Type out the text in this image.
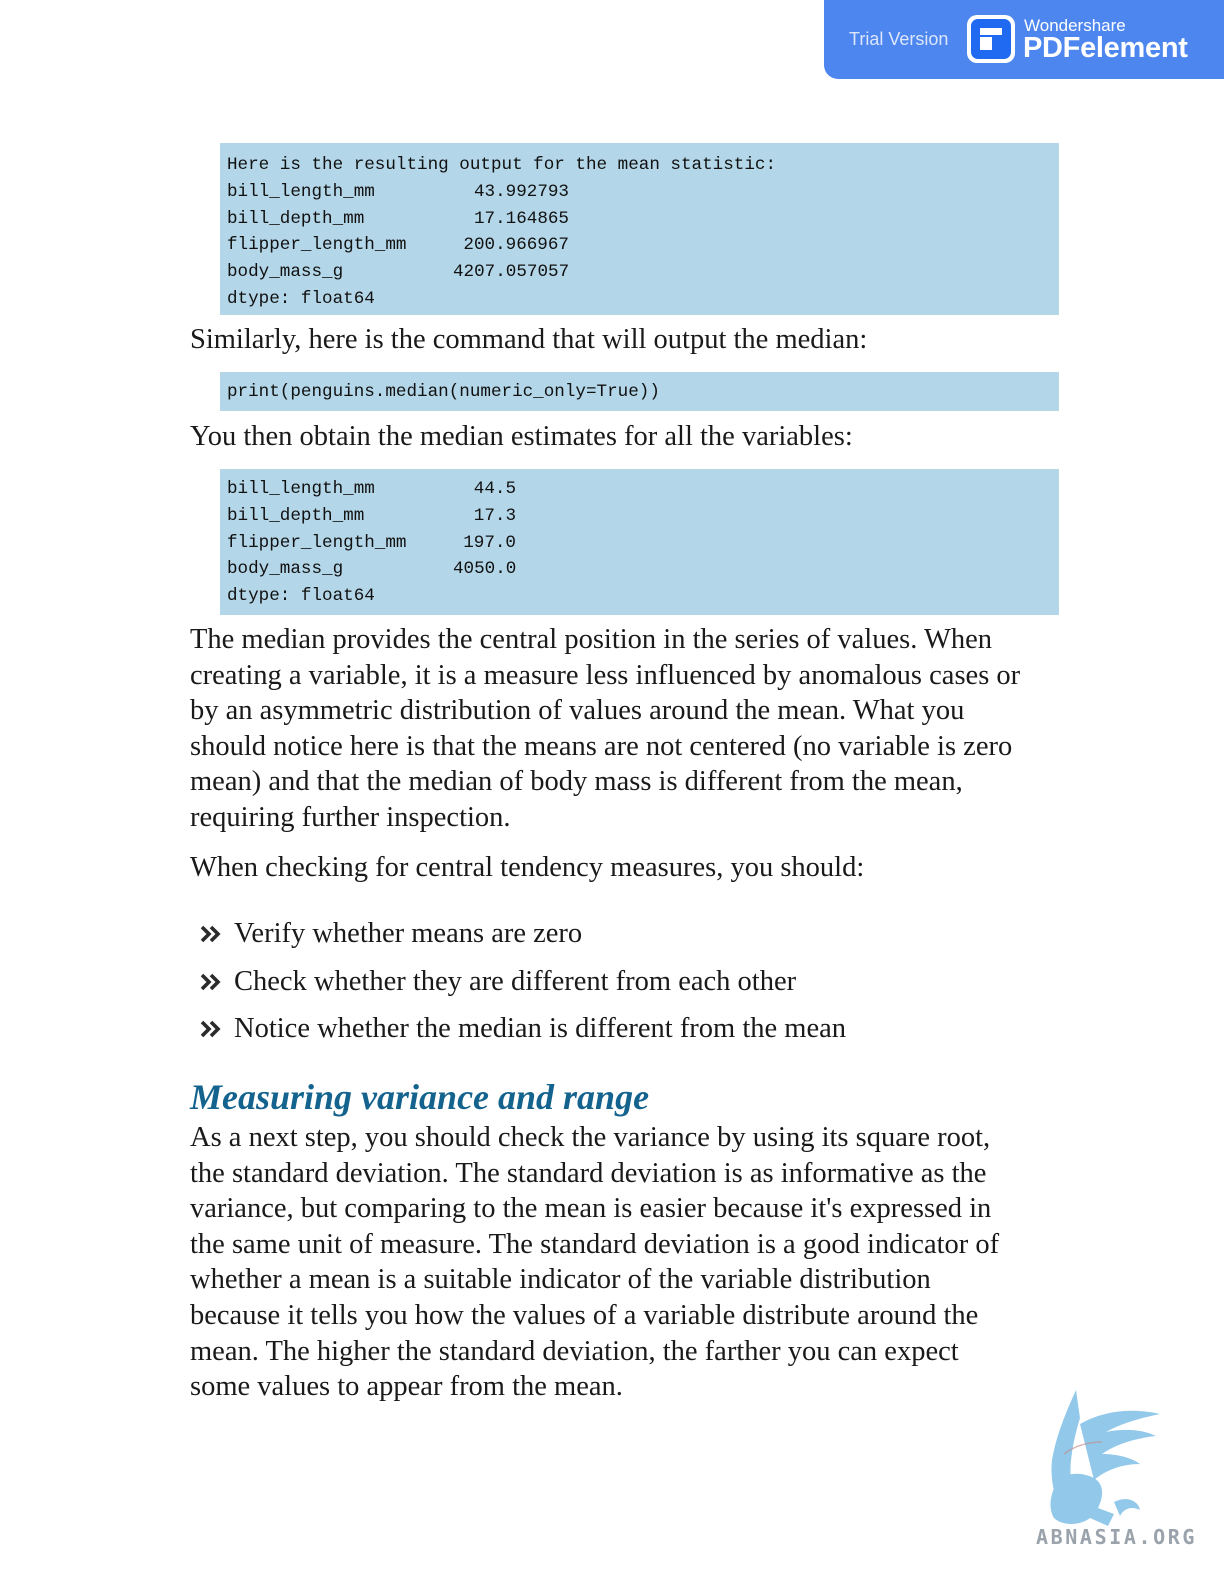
Trial Version
Wondershare
PDFelement
Here is the resulting output for the mean statistic:
bill_length_mm	43.992793
bill_depth_mm	17.164865
flipper_length_mm	200.966967
body_mass_g	4207.057057
dtype: float64
Similarly, here is the command that will output the median:
print(penguins.median(numeric_only=True))
You then obtain the median estimates for all the variables:
bill_length_mm	44.5
bill_depth_mm	17.3
flipper_length_mm	197.0
body_mass_g	4050.0
dtype: float64
The median provides the central position in the series of values. When
creating a variable, it is a measure less influenced by anomalous cases or
by an asymmetric distribution of values around the mean. What you
should notice here is that the means are not centered (no variable is zero
mean) and that the median of body mass is different from the mean,
requiring further inspection.
When checking for central tendency measures, you should:
Verify whether means are zero
Check whether they are different from each other
Notice whether the median is different from the mean
Measuring variance and range
As a next step, you should check the variance by using its square root,
the standard deviation. The standard deviation is as informative as the
variance, but comparing to the mean is easier because it's expressed in
the same unit of measure. The standard deviation is a good indicator of
whether a mean is a suitable indicator of the variable distribution
because it tells you how the values of a variable distribute around the
mean. The higher the standard deviation, the farther you can expect
some values to appear from the mean.
ABNASIA.ORG
